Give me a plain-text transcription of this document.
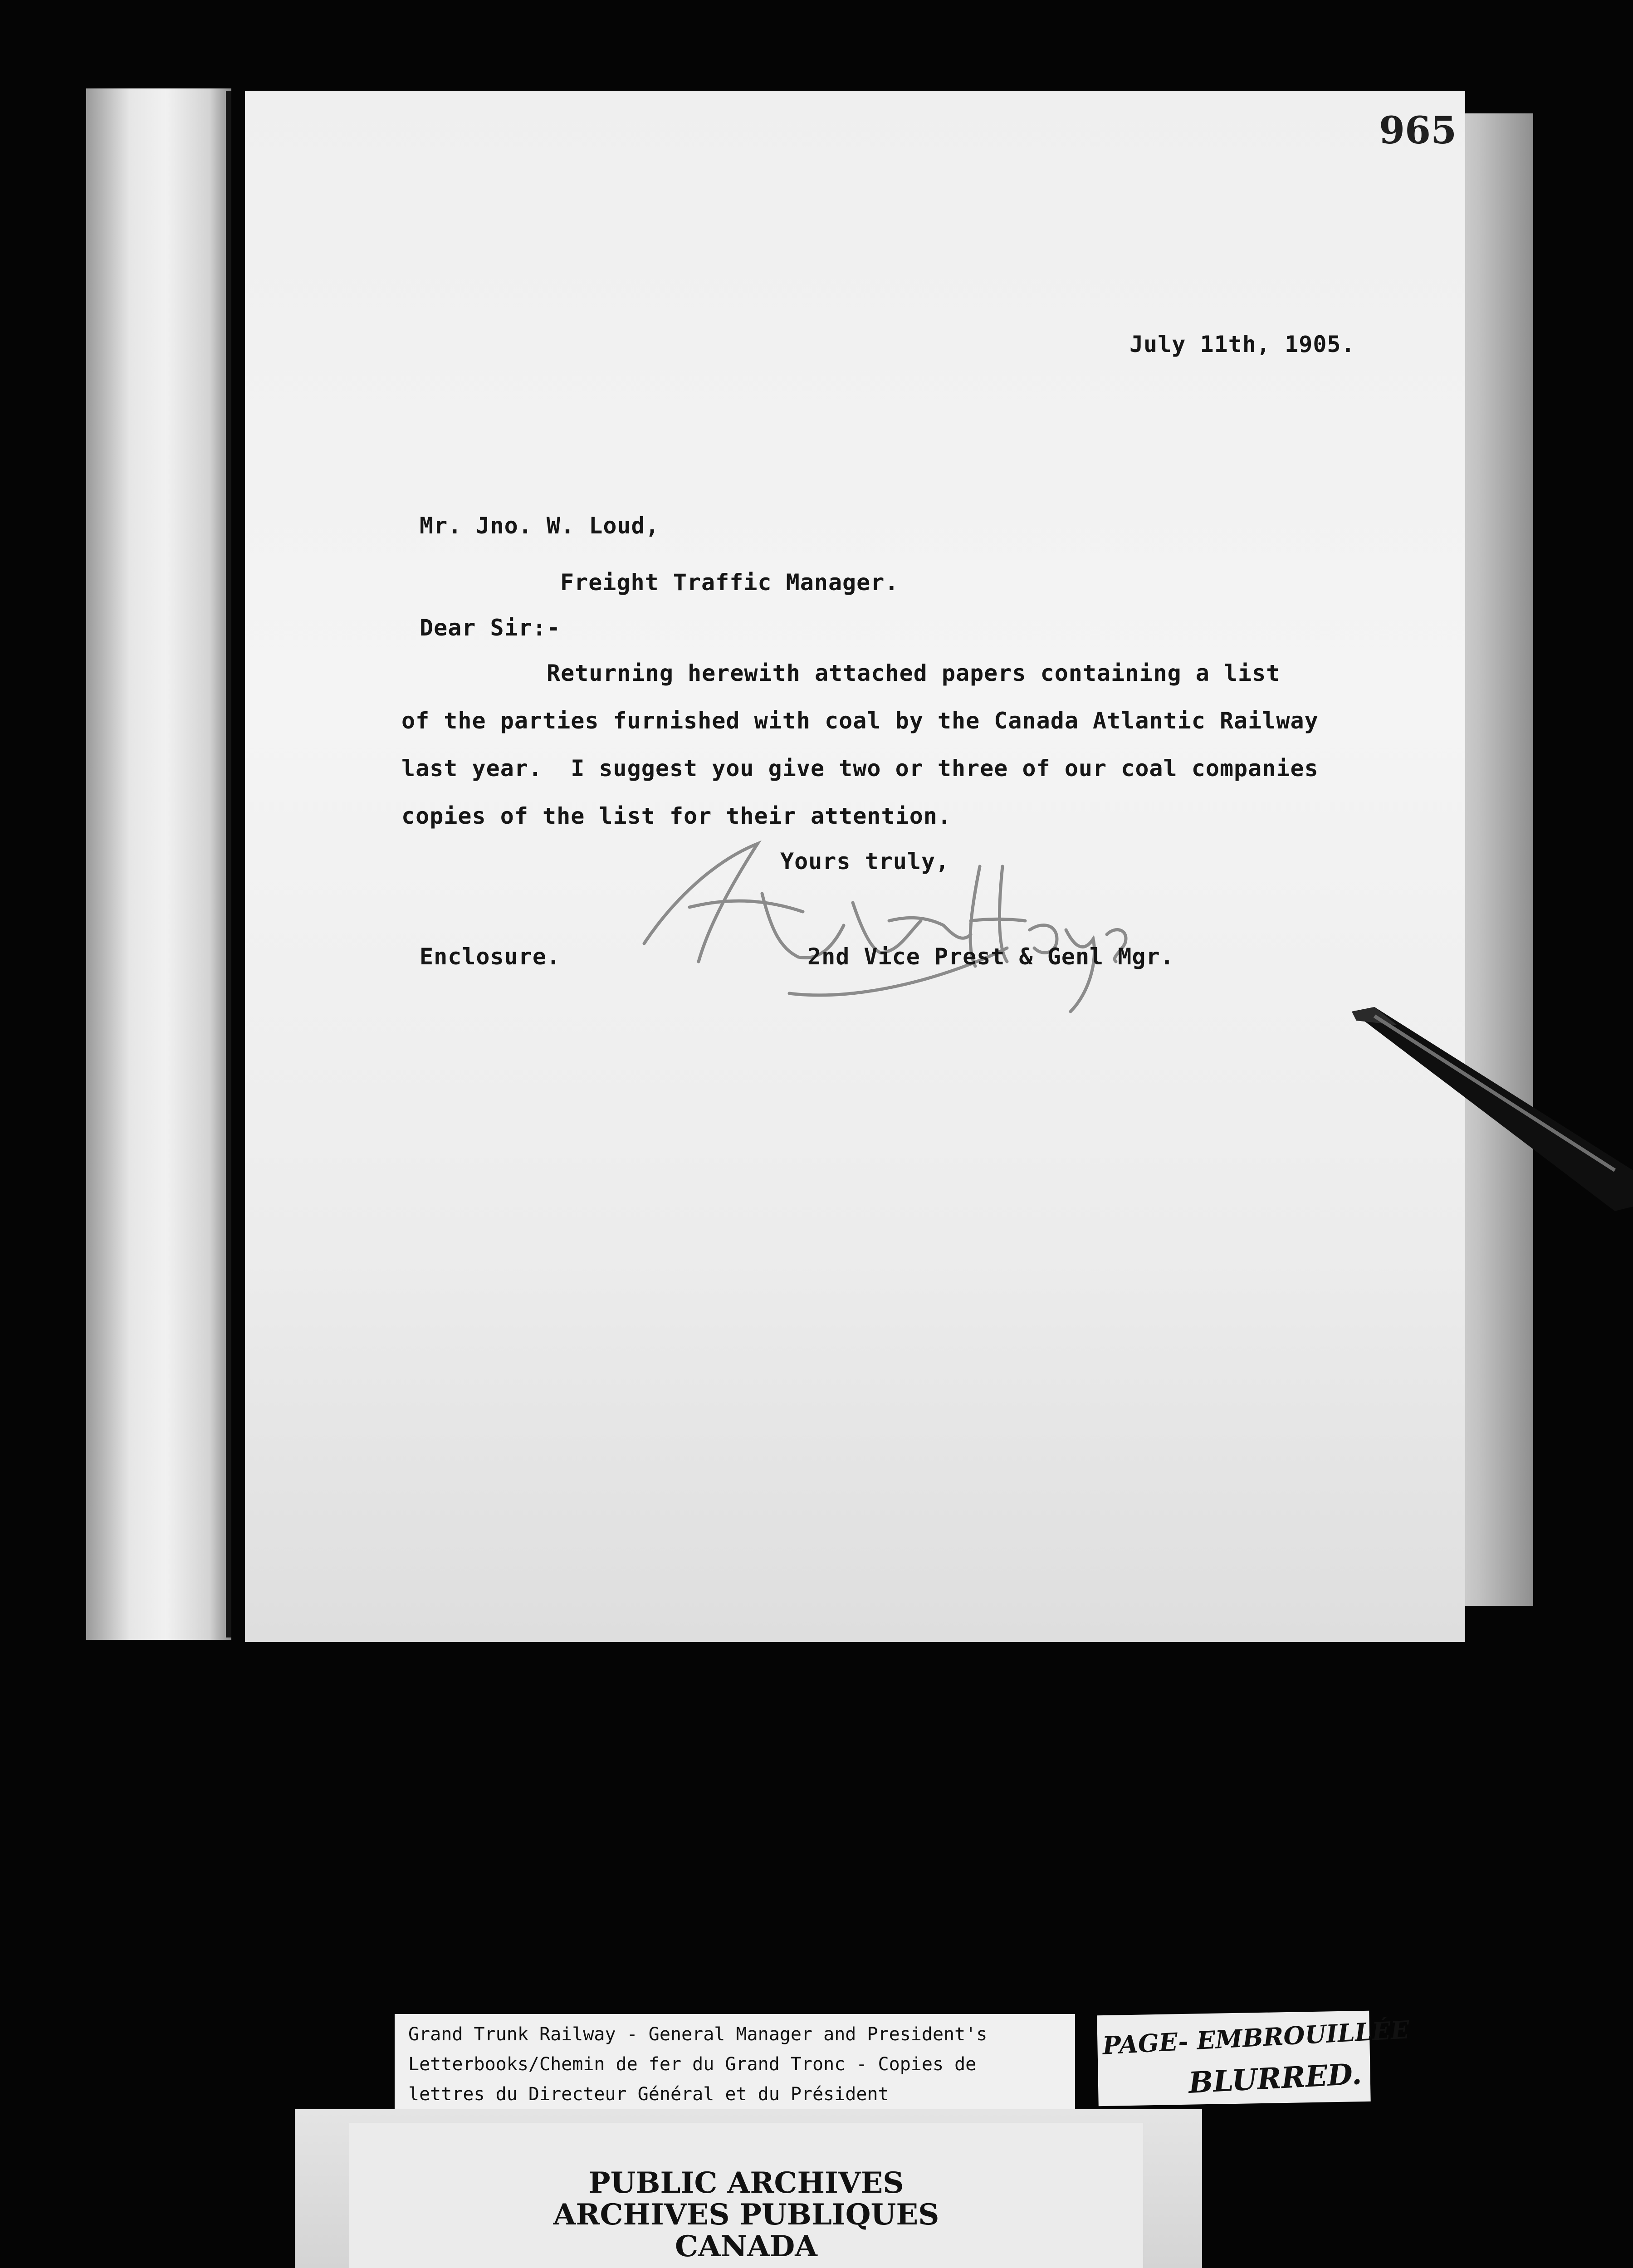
965
July 11th, 1905.
Mr. Jno. W. Loud,
Freight Traffic Manager.
Dear Sir:-
Returning herewith attached papers containing a list
of the parties furnished with coal by the Canada Atlantic Railway
last year.  I suggest you give two or three of our coal companies
copies of the list for their attention.
Yours truly,
Enclosure.	2nd Vice Prest & Genl Mgr.
Grand Trunk Railway - General Manager and President's
Letterbooks/Chemin de fer du Grand Tronc - Copies de
lettres du Directeur Général et du Président
PAGE- EMBROUILLÉE
BLURRED.
PUBLIC ARCHIVES
ARCHIVES PUBLIQUES
CANADA
